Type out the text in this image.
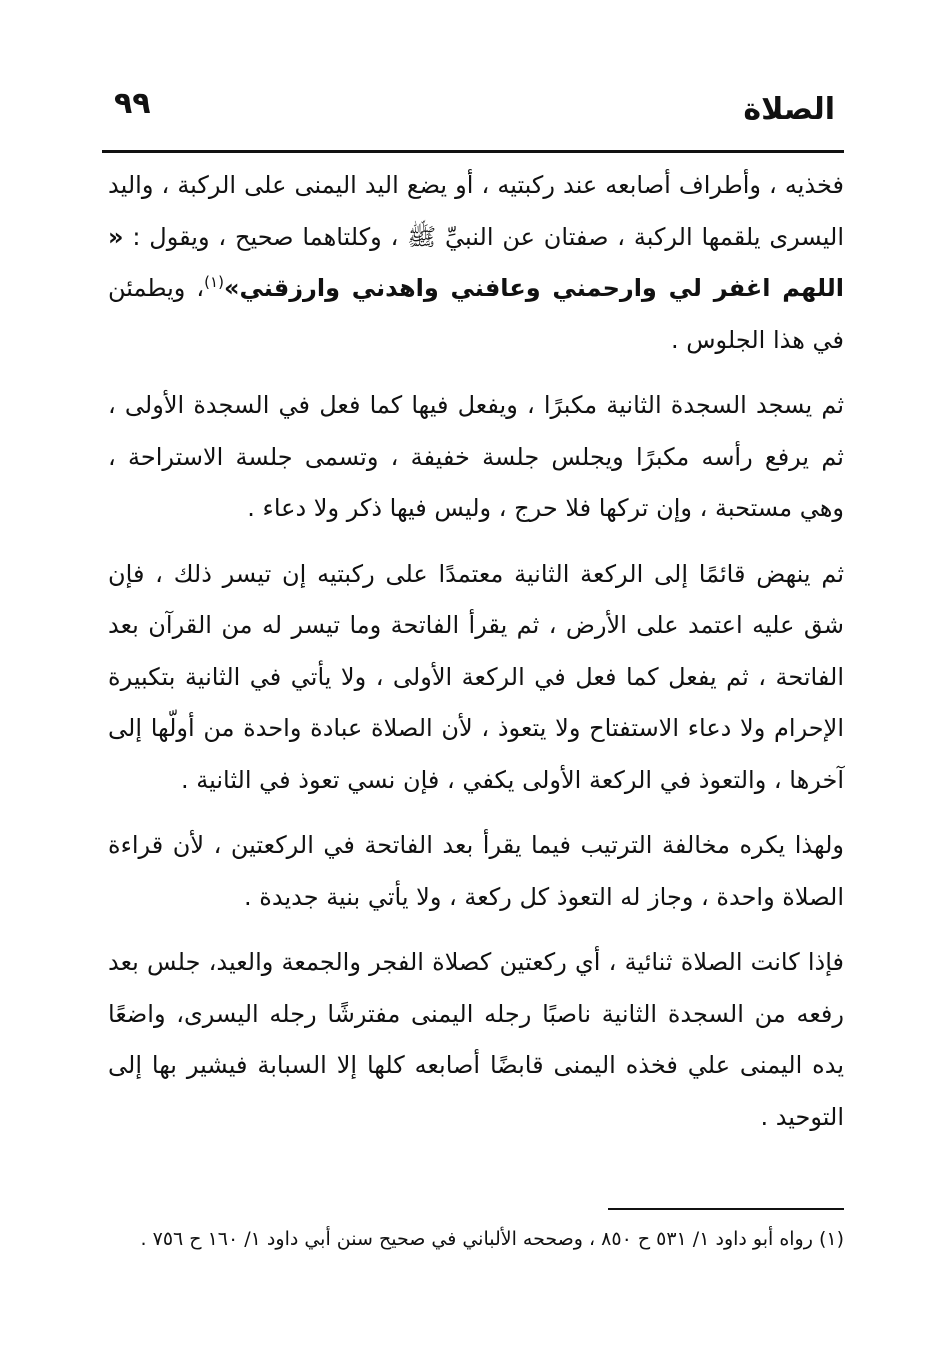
الصلاة
٩٩

فخذيه ، وأطراف أصابعه عند ركبتيه ، أو يضع اليد اليمنى على الركبة ، واليد اليسرى يلقمها الركبة ، صفتان عن النبيِّ ﷺ ، وكلتاهما صحيح ، ويقول : « اللهم اغفر لي وارحمني وعافني واهدني وارزقني»$^{(١)}$، ويطمئن في هذا الجلوس .

ثم يسجد السجدة الثانية مكبرًا ، ويفعل فيها كما فعل في السجدة الأولى ، ثم يرفع رأسه مكبرًا ويجلس جلسة خفيفة ، وتسمى جلسة الاستراحة ، وهي مستحبة ، وإن تركها فلا حرج ، وليس فيها ذكر ولا دعاء .

ثم ينهض قائمًا إلى الركعة الثانية معتمدًا على ركبتيه إن تيسر ذلك ، فإن شق عليه اعتمد على الأرض ، ثم يقرأ الفاتحة وما تيسر له من القرآن بعد الفاتحة ، ثم يفعل كما فعل في الركعة الأولى ، ولا يأتي في الثانية بتكبيرة الإحرام ولا دعاء الاستفتاح ولا يتعوذ ، لأن الصلاة عبادة واحدة من أولّها إلى آخرها ، والتعوذ في الركعة الأولى يكفي ، فإن نسي تعوذ في الثانية .

ولهذا يكره مخالفة الترتيب فيما يقرأ بعد الفاتحة في الركعتين ، لأن قراءة الصلاة واحدة ، وجاز له التعوذ كل ركعة ، ولا يأتي بنية جديدة .

فإذا كانت الصلاة ثنائية ، أي ركعتين كصلاة الفجر والجمعة والعيد، جلس بعد رفعه من السجدة الثانية ناصبًا رجله اليمنى مفترشًا رجله اليسرى، واضعًا يده اليمنى علي فخذه اليمنى قابضًا أصابعه كلها إلا السبابة فيشير بها إلى التوحيد .

(١) رواه أبو داود ١/ ٥٣١ ح ٨٥٠ ، وصححه الألباني في صحيح سنن أبي داود ١/ ١٦٠ ح ٧٥٦ .
